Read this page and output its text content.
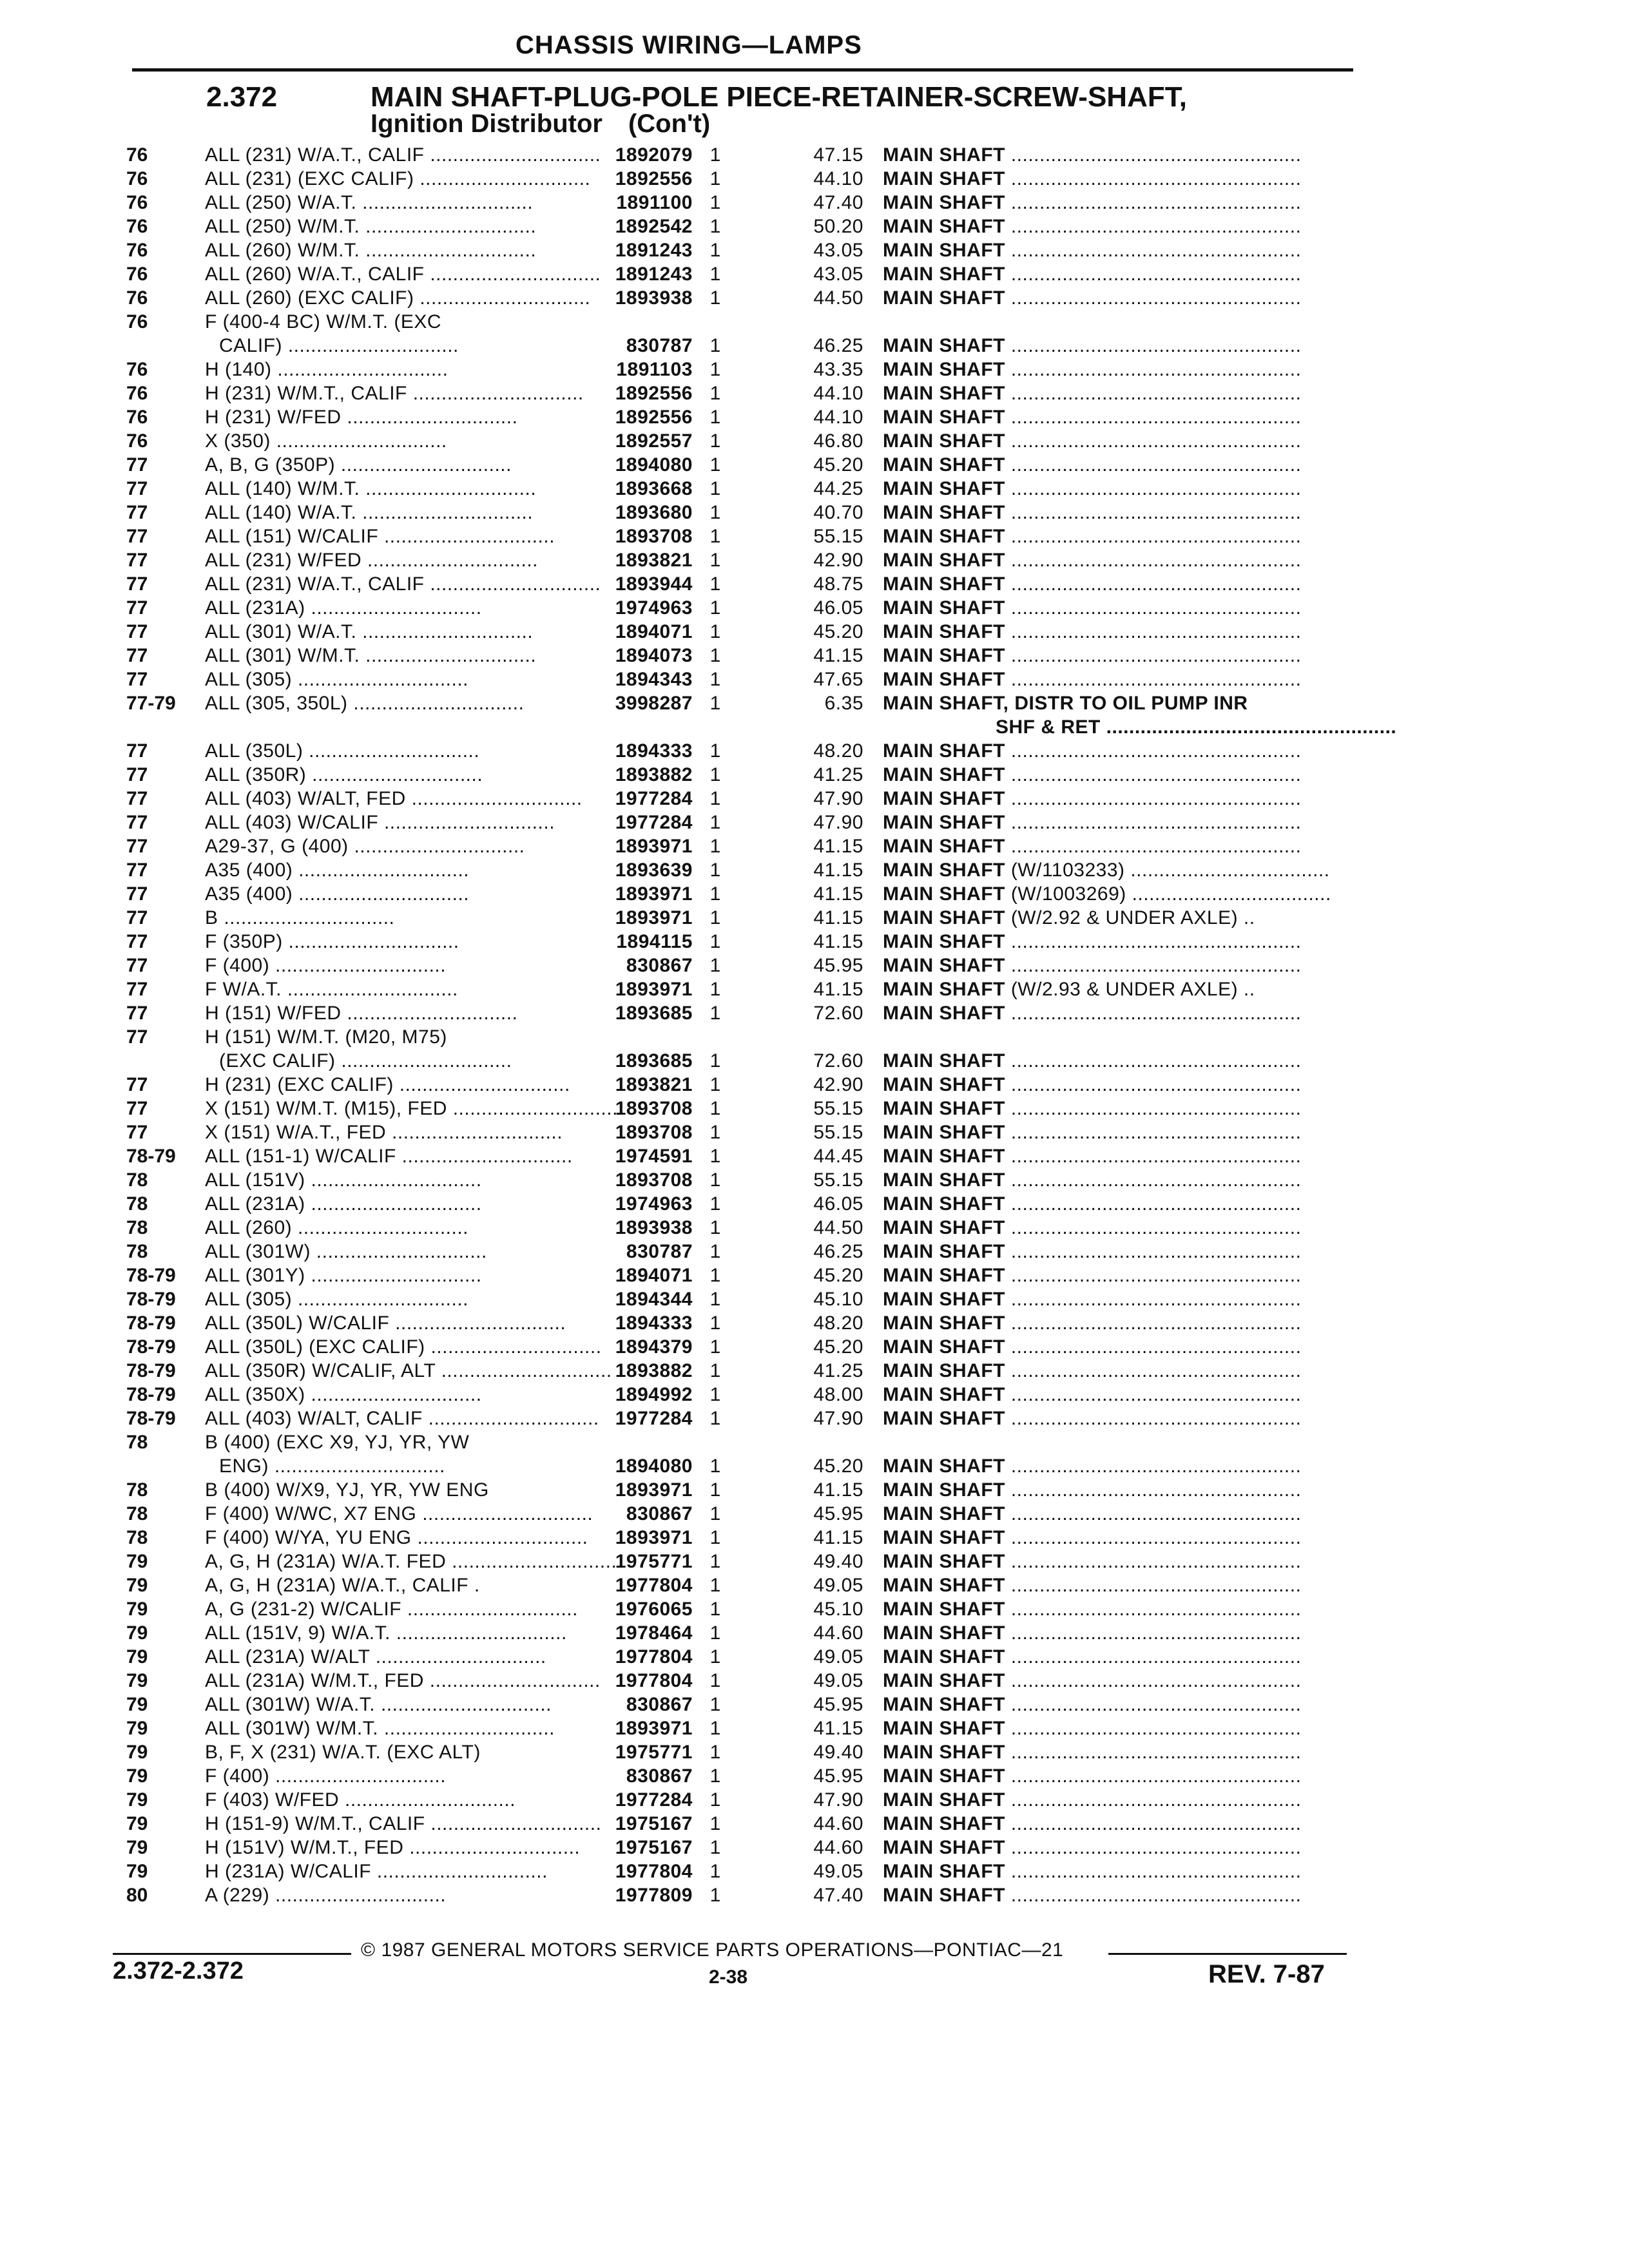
CHASSIS WIRING—LAMPS
2.372	MAIN SHAFT-PLUG-POLE PIECE-RETAINER-SCREW-SHAFT,
Ignition Distributor (Con't)
76	ALL (231) W/A.T., CALIF .............................. 1892079 1	47.15 MAIN SHAFT ...................................................
76	ALL (231) (EXC CALIF) ..............................	1892556 1	44.10 MAIN SHAFT ...................................................
76	ALL (250) W/A.T. ..............................	1891100 1	47.40 MAIN SHAFT ...................................................
76	ALL (250) W/M.T. ..............................	1892542 1	50.20 MAIN SHAFT ...................................................
76	ALL (260) W/M.T. ..............................	1891243 1	43.05 MAIN SHAFT ...................................................
76	ALL (260) W/A.T., CALIF .............................. 1891243 1	43.05 MAIN SHAFT ...................................................
76	ALL (260) (EXC CALIF) ..............................	1893938 1	44.50 MAIN SHAFT ...................................................
76	F (400-4 BC) W/M.T. (EXC
CALIF) ..............................	830787 1	46.25 MAIN SHAFT ...................................................
76	H (140) ..............................	1891103 1	43.35 MAIN SHAFT ...................................................
76	H (231) W/M.T., CALIF ..............................	1892556 1	44.10 MAIN SHAFT ...................................................
76	H (231) W/FED ..............................	1892556 1	44.10 MAIN SHAFT ...................................................
76	X (350) ..............................	1892557 1	46.80 MAIN SHAFT ...................................................
77	A, B, G (350P) ..............................	1894080 1	45.20 MAIN SHAFT ...................................................
77	ALL (140) W/M.T. ..............................	1893668 1	44.25 MAIN SHAFT ...................................................
77	ALL (140) W/A.T. ..............................	1893680 1	40.70 MAIN SHAFT ...................................................
77	ALL (151) W/CALIF ..............................	1893708 1	55.15 MAIN SHAFT ...................................................
77	ALL (231) W/FED ..............................	1893821 1	42.90 MAIN SHAFT ...................................................
77	ALL (231) W/A.T., CALIF .............................. 1893944 1	48.75 MAIN SHAFT ...................................................
77	ALL (231A) ..............................	1974963 1	46.05 MAIN SHAFT ...................................................
77	ALL (301) W/A.T. ..............................	1894071 1	45.20 MAIN SHAFT ...................................................
77	ALL (301) W/M.T. ..............................	1894073 1	41.15 MAIN SHAFT ...................................................
77	ALL (305) ..............................	1894343 1	47.65 MAIN SHAFT ...................................................
77-79	ALL (305, 350L) ..............................	3998287 1	6.35 MAIN SHAFT, DISTR TO OIL PUMP INR
SHF & RET ...................................................
77	ALL (350L) ..............................	1894333 1	48.20 MAIN SHAFT ...................................................
77	ALL (350R) ..............................	1893882 1	41.25 MAIN SHAFT ...................................................
77	ALL (403) W/ALT, FED ..............................	1977284 1	47.90 MAIN SHAFT ...................................................
77	ALL (403) W/CALIF ..............................	1977284 1	47.90 MAIN SHAFT ...................................................
77	A29-37, G (400) ..............................	1893971 1	41.15 MAIN SHAFT ...................................................
77	A35 (400) ..............................	1893639 1	41.15 MAIN SHAFT (W/1103233) ...................................
77	A35 (400) ..............................	1893971 1	41.15 MAIN SHAFT (W/1003269) ...................................
77	B ..............................	1893971 1	41.15 MAIN SHAFT (W/2.92 & UNDER AXLE) ..
77	F (350P) ..............................	1894115 1	41.15 MAIN SHAFT ...................................................
77	F (400) ..............................	830867 1	45.95 MAIN SHAFT ...................................................
77	F W/A.T. ..............................	1893971 1	41.15 MAIN SHAFT (W/2.93 & UNDER AXLE) ..
77	H (151) W/FED ..............................	1893685 1	72.60 MAIN SHAFT ...................................................
77	H (151) W/M.T. (M20, M75)
(EXC CALIF) ..............................	1893685 1	72.60 MAIN SHAFT ...................................................
77	H (231) (EXC CALIF) ..............................	1893821 1	42.90 MAIN SHAFT ...................................................
77	X (151) W/M.T. (M15), FED ..............................
1893708 1	55.15 MAIN SHAFT ...................................................
77	X (151) W/A.T., FED ..............................	1893708 1	55.15 MAIN SHAFT ...................................................
78-79	ALL (151-1) W/CALIF ..............................	1974591 1	44.45 MAIN SHAFT ...................................................
78	ALL (151V) ..............................	1893708 1	55.15 MAIN SHAFT ...................................................
78	ALL (231A) ..............................	1974963 1	46.05 MAIN SHAFT ...................................................
78	ALL (260) ..............................	1893938 1	44.50 MAIN SHAFT ...................................................
78	ALL (301W) ..............................	830787 1	46.25 MAIN SHAFT ...................................................
78-79	ALL (301Y) ..............................	1894071 1	45.20 MAIN SHAFT ...................................................
78-79	ALL (305) ..............................	1894344 1	45.10 MAIN SHAFT ...................................................
78-79	ALL (350L) W/CALIF ..............................	1894333 1	48.20 MAIN SHAFT ...................................................
78-79	ALL (350L) (EXC CALIF) .............................. 1894379 1	45.20 MAIN SHAFT ...................................................
78-79	ALL (350R) W/CALIF, ALT .............................. 1893882 1	41.25 MAIN SHAFT ...................................................
78-79	ALL (350X) ..............................	1894992 1	48.00 MAIN SHAFT ...................................................
78-79	ALL (403) W/ALT, CALIF .............................. 1977284 1	47.90 MAIN SHAFT ...................................................
78	B (400) (EXC X9, YJ, YR, YW
ENG) ..............................	1894080 1	45.20 MAIN SHAFT ...................................................
78	B (400) W/X9, YJ, YR, YW ENG	1893971 1	41.15 MAIN SHAFT ...................................................
78	F (400) W/WC, X7 ENG ..............................	830867 1	45.95 MAIN SHAFT ...................................................
78	F (400) W/YA, YU ENG ..............................	1893971 1	41.15 MAIN SHAFT ...................................................
79	A, G, H (231A) W/A.T. FED ..............................
1975771 1	49.40 MAIN SHAFT ...................................................
79	A, G, H (231A) W/A.T., CALIF .	1977804 1	49.05 MAIN SHAFT ...................................................
79	A, G (231-2) W/CALIF ..............................	1976065 1	45.10 MAIN SHAFT ...................................................
79	ALL (151V, 9) W/A.T. ..............................	1978464 1	44.60 MAIN SHAFT ...................................................
79	ALL (231A) W/ALT ..............................	1977804 1	49.05 MAIN SHAFT ...................................................
79	ALL (231A) W/M.T., FED .............................. 1977804 1	49.05 MAIN SHAFT ...................................................
79	ALL (301W) W/A.T. ..............................	830867 1	45.95 MAIN SHAFT ...................................................
79	ALL (301W) W/M.T. ..............................	1893971 1	41.15 MAIN SHAFT ...................................................
79	B, F, X (231) W/A.T. (EXC ALT)	1975771 1	49.40 MAIN SHAFT ...................................................
79	F (400) ..............................	830867 1	45.95 MAIN SHAFT ...................................................
79	F (403) W/FED ..............................	1977284 1	47.90 MAIN SHAFT ...................................................
79	H (151-9) W/M.T., CALIF .............................. 1975167 1	44.60 MAIN SHAFT ...................................................
79	H (151V) W/M.T., FED ..............................	1975167 1	44.60 MAIN SHAFT ...................................................
79	H (231A) W/CALIF ..............................	1977804 1	49.05 MAIN SHAFT ...................................................
80	A (229) ..............................	1977809 1	47.40 MAIN SHAFT ...................................................
© 1987 GENERAL MOTORS SERVICE PARTS OPERATIONS—PONTIAC—21
2.372-2.372	2-38	REV. 7-87
